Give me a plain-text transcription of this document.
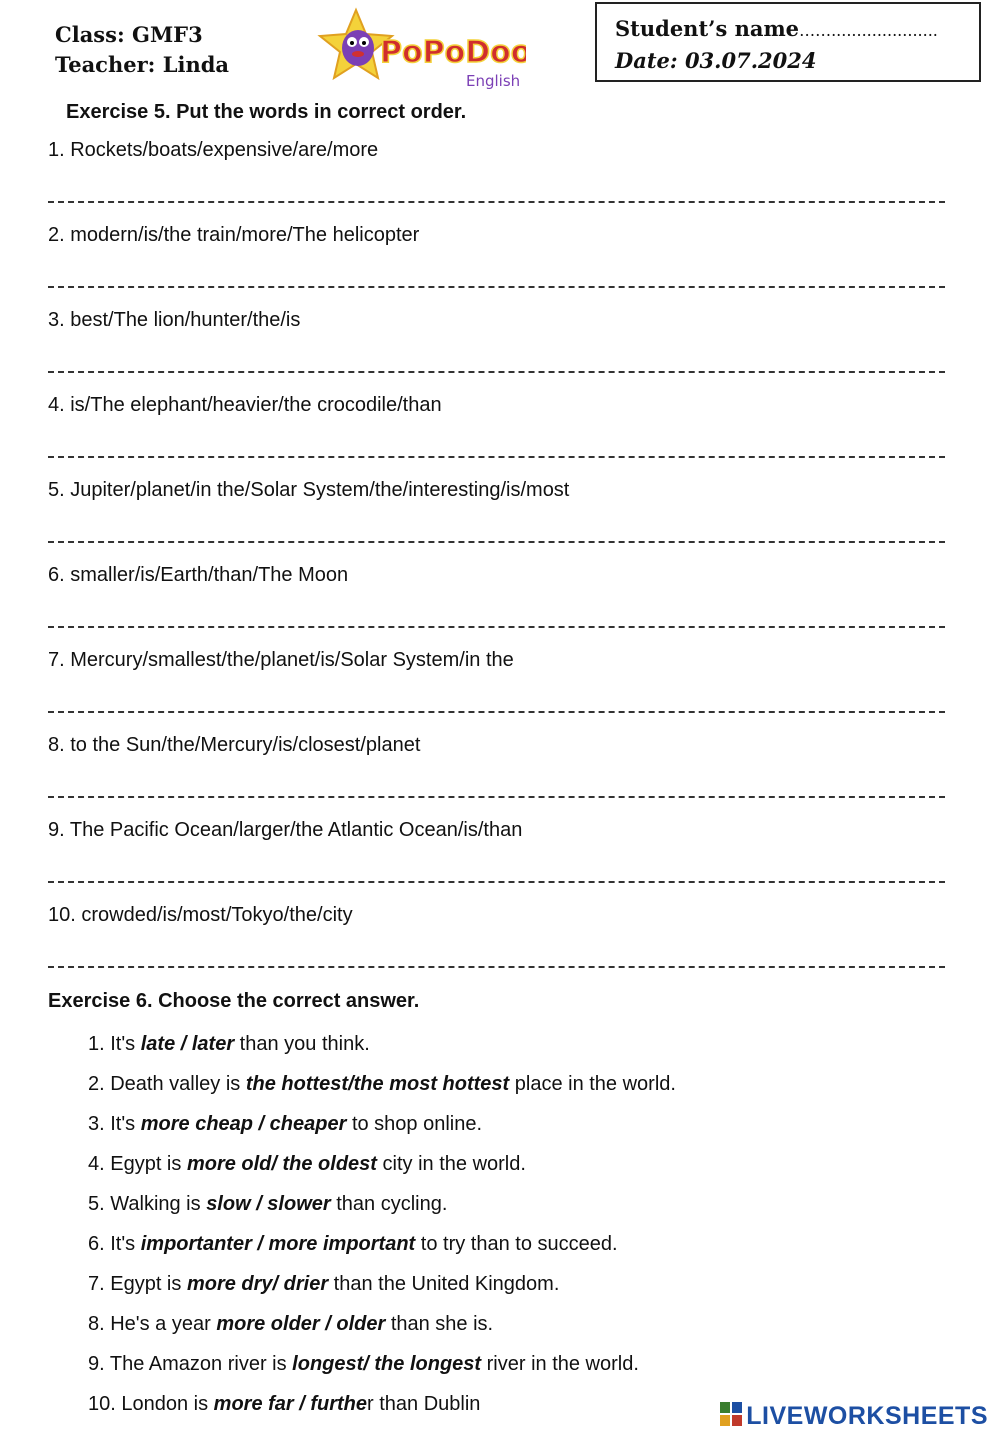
Class: GMF3
Teacher: Linda	PoPoDoo
English
Student’s name…….....................
Date: 03.07.2024
Exercise 5. Put the words in correct order.
1. Rockets/boats/expensive/are/more
2. modern/is/the train/more/The helicopter
3. best/The lion/hunter/the/is
4. is/The elephant/heavier/the crocodile/than
5. Jupiter/planet/in the/Solar System/the/interesting/is/most
6. smaller/is/Earth/than/The Moon
7. Mercury/smallest/the/planet/is/Solar System/in the
8. to the Sun/the/Mercury/is/closest/planet
9. The Pacific Ocean/larger/the Atlantic Ocean/is/than
10. crowded/is/most/Tokyo/the/city
Exercise 6. Choose the correct answer.
1. It's late / later than you think.
2. Death valley is the hottest/the most hottest place in the world.
3. It's more cheap / cheaper to shop online.
4. Egypt is more old/ the oldest city in the world.
5. Walking is slow / slower than cycling.
6. It's importanter / more important to try than to succeed.
7. Egypt is more dry/ drier than the United Kingdom.
8. He's a year more older / older than she is.
9. The Amazon river is longest/ the longest river in the world.
10. London is more far / further than Dublin	LIVEWORKSHEETS
